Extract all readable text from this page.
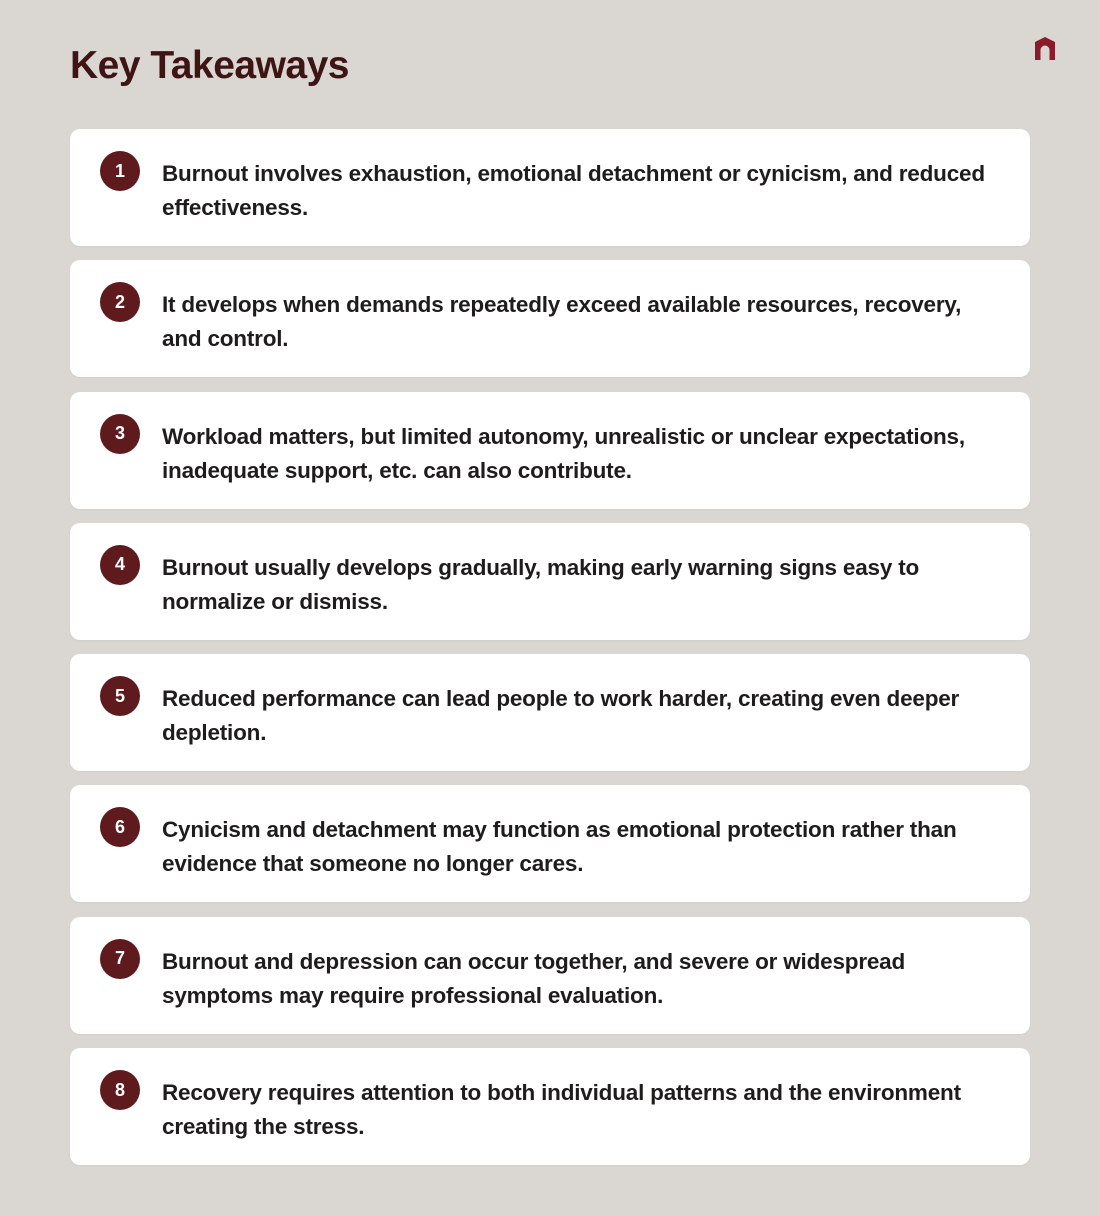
Key Takeaways
1	Burnout involves exhaustion, emotional detachment or cynicism, and reduced effectiveness.

2	It develops when demands repeatedly exceed available resources, recovery, and control.

3	Workload matters, but limited autonomy, unrealistic or unclear expectations, inadequate support, etc. can also contribute.

4	Burnout usually develops gradually, making early warning signs easy to normalize or dismiss.

5	Reduced performance can lead people to work harder, creating even deeper depletion.

6	Cynicism and detachment may function as emotional protection rather than evidence that someone no longer cares.

7	Burnout and depression can occur together, and severe or widespread symptoms may require professional evaluation.

8	Recovery requires attention to both individual patterns and the environment creating the stress.
